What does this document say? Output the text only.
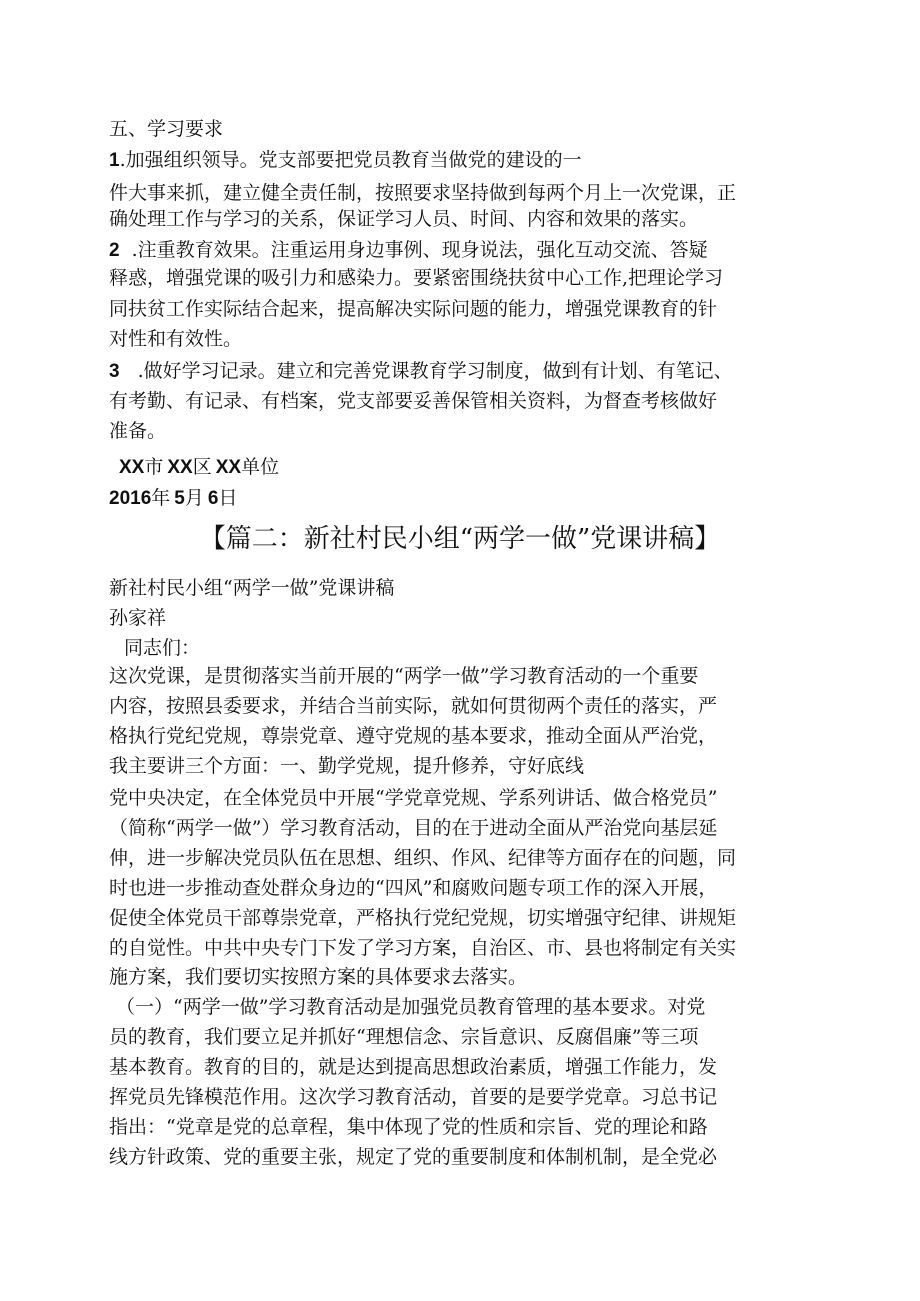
五、学习要求
1.加强组织领导。党支部要把党员教育当做党的建设的一
件大事来抓，建立健全责任制，按照要求坚持做到每两个月上一次党课，正
确处理工作与学习的关系，保证学习人员、时间、内容和效果的落实。
2 .注重教育效果。注重运用身边事例、现身说法，强化互动交流、答疑
释惑，增强党课的吸引力和感染力。要紧密围绕扶贫中心工作,把理论学习
同扶贫工作实际结合起来，提高解决实际问题的能力，增强党课教育的针
对性和有效性。
3 .做好学习记录。建立和完善党课教育学习制度，做到有计划、有笔记、
有考勤、有记录、有档案，党支部要妥善保管相关资料，为督查考核做好
准备。
XX市 XX区 XX单位
2016年 5月 6日
【篇二：新社村民小组“两学一做”党课讲稿】
新社村民小组“两学一做”党课讲稿
孙家祥
同志们：
这次党课，是贯彻落实当前开展的“两学一做”学习教育活动的一个重要
内容，按照县委要求，并结合当前实际，就如何贯彻两个责任的落实，严
格执行党纪党规，尊崇党章、遵守党规的基本要求，推动全面从严治党，
我主要讲三个方面：一、勤学党规，提升修养，守好底线
党中央决定，在全体党员中开展“学党章党规、学系列讲话、做合格党员”
（简称“两学一做”）学习教育活动，目的在于进动全面从严治党向基层延
伸，进一步解决党员队伍在思想、组织、作风、纪律等方面存在的问题，同
时也进一步推动查处群众身边的“四风”和腐败问题专项工作的深入开展，
促使全体党员干部尊崇党章，严格执行党纪党规，切实增强守纪律、讲规矩
的自觉性。中共中央专门下发了学习方案，自治区、市、县也将制定有关实
施方案，我们要切实按照方案的具体要求去落实。
（一）“两学一做”学习教育活动是加强党员教育管理的基本要求。对党
员的教育，我们要立足并抓好“理想信念、宗旨意识、反腐倡廉”等三项
基本教育。教育的目的，就是达到提高思想政治素质，增强工作能力，发
挥党员先锋模范作用。这次学习教育活动，首要的是要学党章。习总书记
指出：“党章是党的总章程，集中体现了党的性质和宗旨、党的理论和路
线方针政策、党的重要主张，规定了党的重要制度和体制机制，是全党必
